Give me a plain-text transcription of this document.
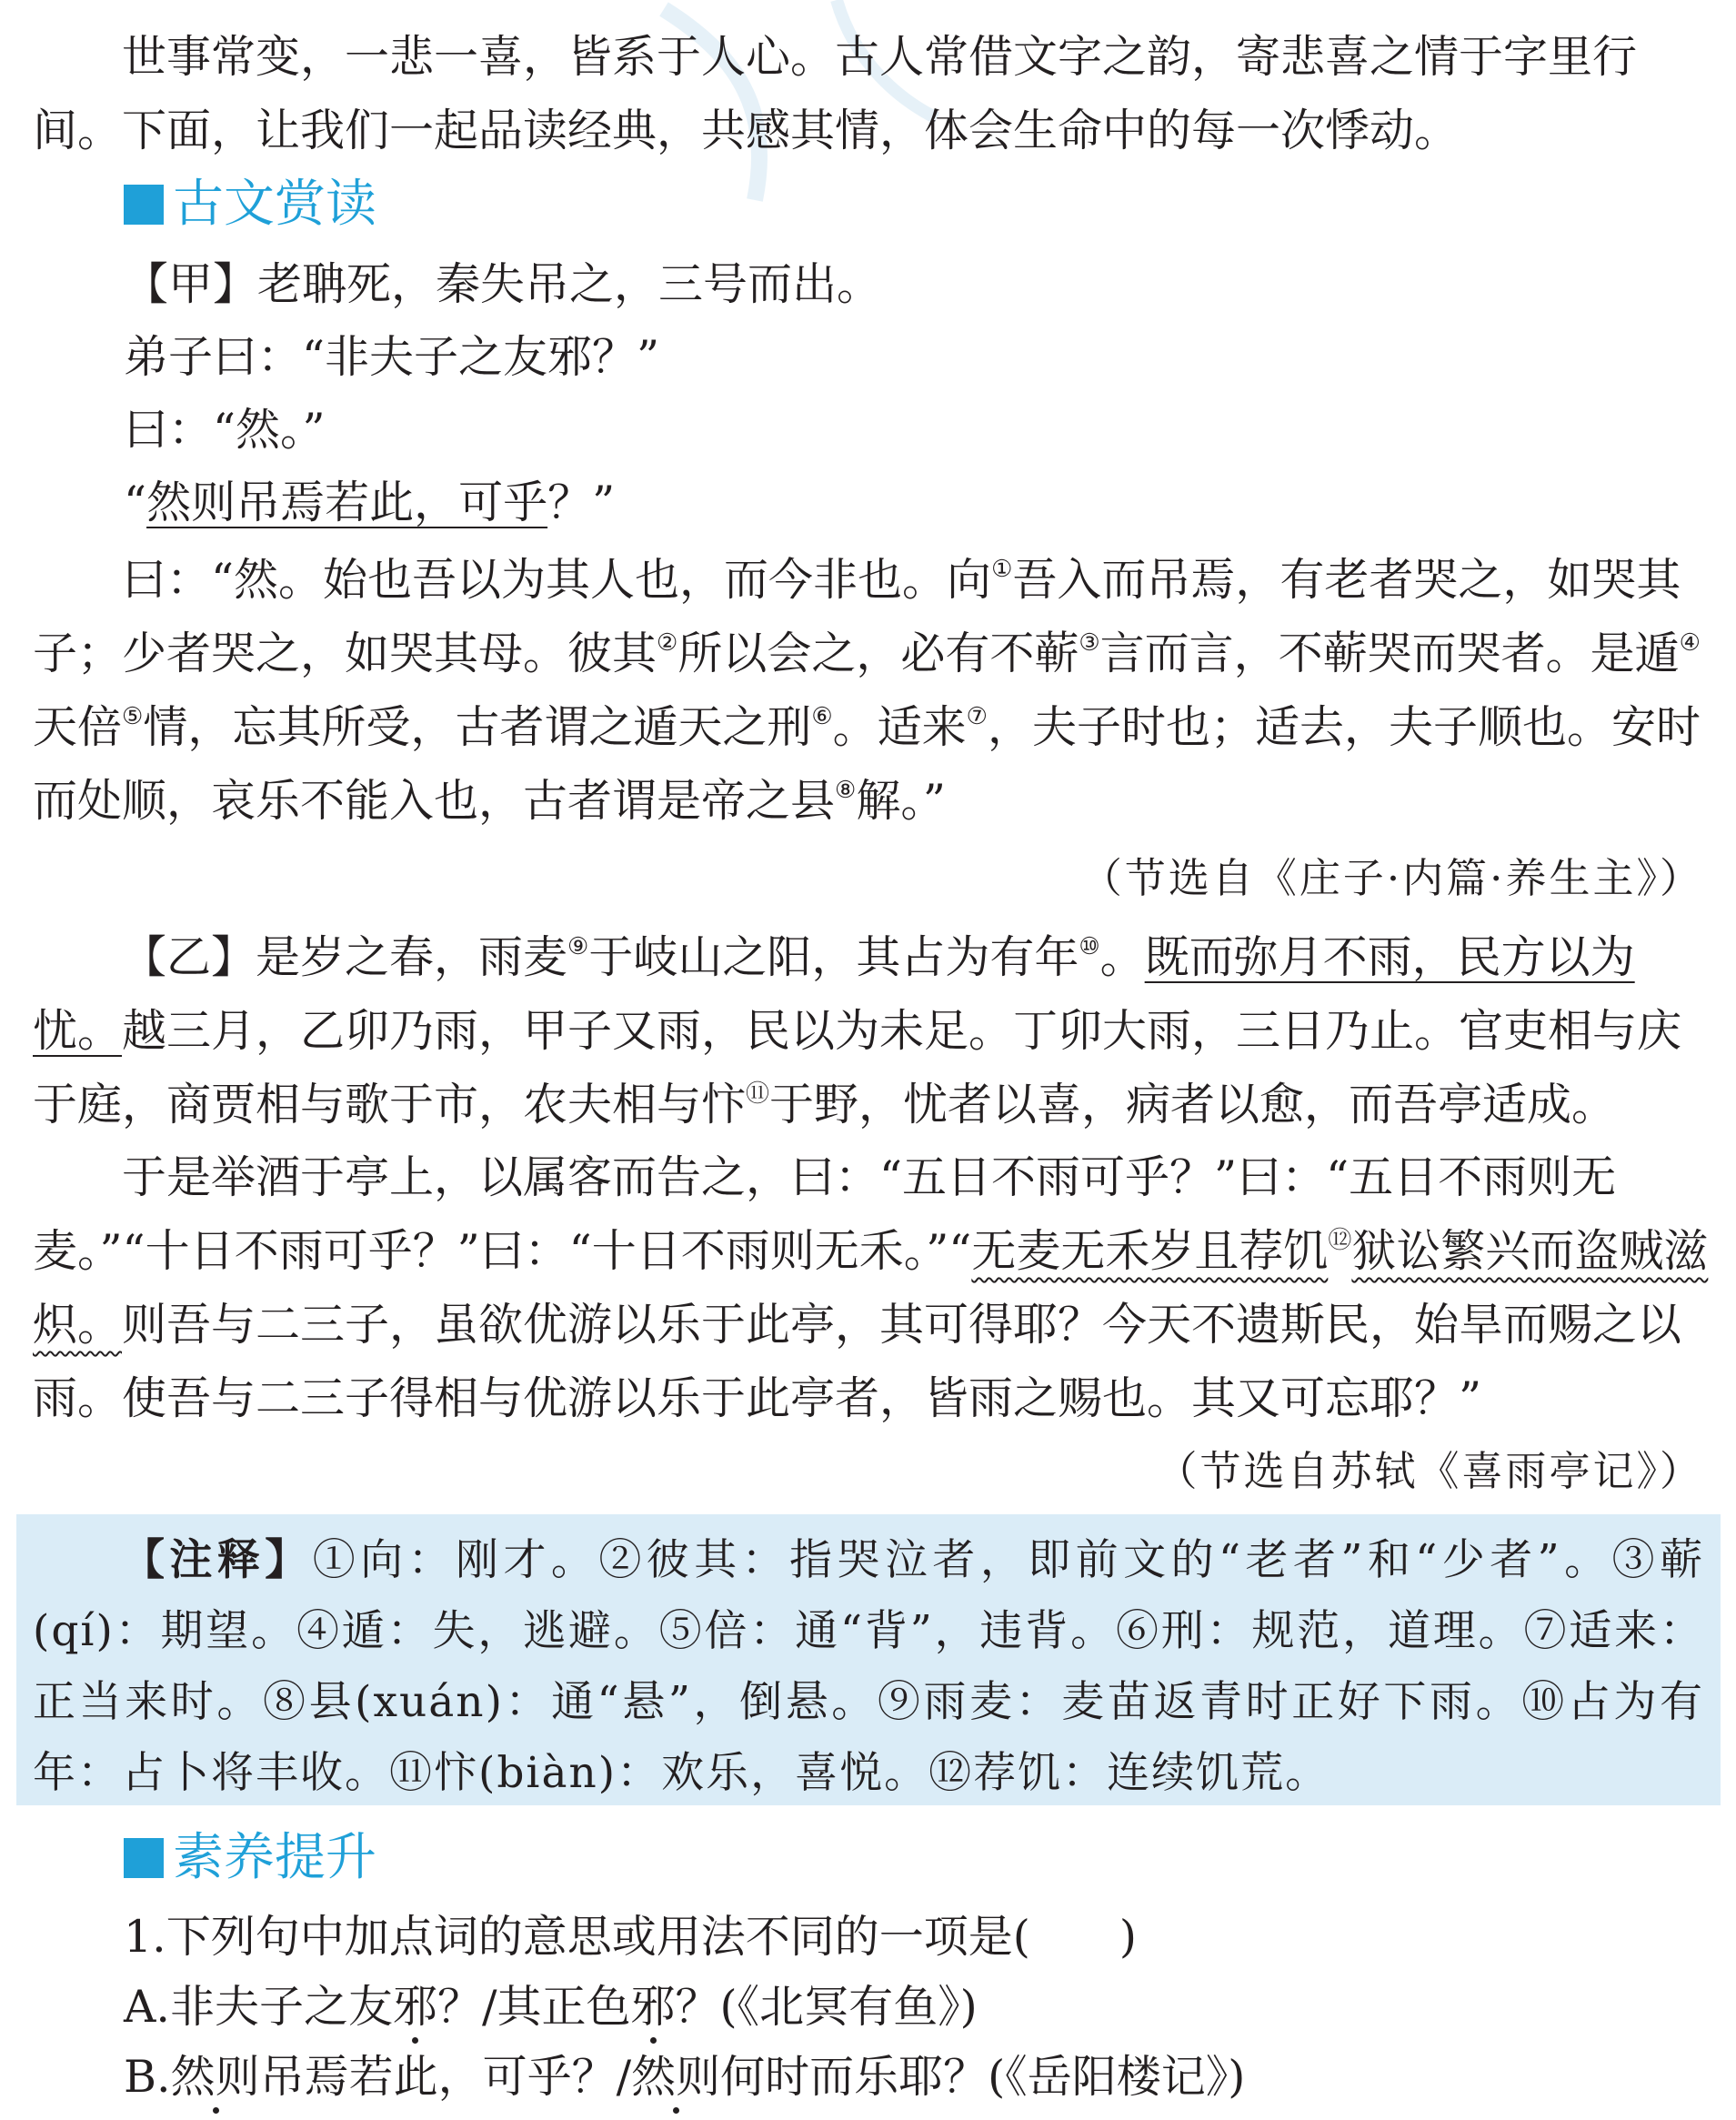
世事常变，一悲一喜，皆系于人心。古人常借文字之韵，寄悲喜之情于字里行间。下面，让我们一起品读经典，共感其情，体会生命中的每一次悸动。

古文赏读
【甲】老聃死，秦失吊之，三号而出。
弟子曰：“非夫子之友邪？”
曰：“然。”
“然则吊焉若此，可乎？”

曰：“然。始也吾以为其人也，而今非也。向①吾入而吊焉，有老者哭之，如哭其子；少者哭之，如哭其母。彼其②所以会之，必有不蕲③言而言，不蕲哭而哭者。是遁④天倍⑤情，忘其所受，古者谓之遁天之刑⑥。适来⑦，夫子时也；适去，夫子顺也。安时而处顺，哀乐不能入也，古者谓是帝之县⑧解。”

（节选自《庄子·内篇·养生主》）

【乙】是岁之春，雨麦⑨于岐山之阳，其占为有年⑩。既而弥月不雨，民方以为忧。越三月，乙卯乃雨，甲子又雨，民以为未足。丁卯大雨，三日乃止。官吏相与庆于庭，商贾相与歌于市，农夫相与忭⑪于野，忧者以喜，病者以愈，而吾亭适成。

于是举酒于亭上，以属客而告之，曰：“五日不雨可乎？”曰：“五日不雨则无麦。”“十日不雨可乎？”曰：“十日不雨则无禾。”“无麦无禾岁且荐饥⑫狱讼繁兴而盗贼滋炽。则吾与二三子，虽欲优游以乐于此亭，其可得耶？今天不遗斯民，始旱而赐之以雨。使吾与二三子得相与优游以乐于此亭者，皆雨之赐也。其又可忘耶？”

（节选自苏轼《喜雨亭记》）

【注释】①向：刚才。②彼其：指哭泣者，即前文的“老者”和“少者”。③蕲(qí)：期望。④遁：失，逃避。⑤倍：通“背”，违背。⑥刑：规范，道理。⑦适来：正当来时。⑧县(xuán)：通“悬”，倒悬。⑨雨麦：麦苗返青时正好下雨。⑩占为有年：占卜将丰收。⑪忭(biàn)：欢乐，喜悦。⑫荐饥：连续饥荒。

素养提升
1.下列句中加点词的意思或用法不同的一项是(　　)
A.非夫子之友邪？/其正色邪？(《北冥有鱼》)
B.然则吊焉若此，可乎？/然则何时而乐耶？(《岳阳楼记》)
